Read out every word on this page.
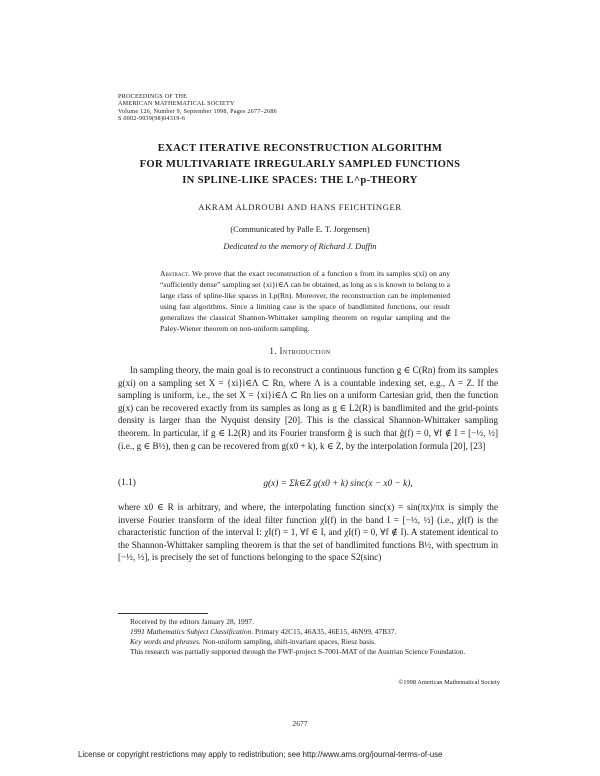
PROCEEDINGS OF THE
AMERICAN MATHEMATICAL SOCIETY
Volume 126, Number 9, September 1998, Pages 2677–2686
S 0002-9939(98)04319-6
EXACT ITERATIVE RECONSTRUCTION ALGORITHM
FOR MULTIVARIATE IRREGULARLY SAMPLED FUNCTIONS
IN SPLINE-LIKE SPACES: THE L^p-THEORY
AKRAM ALDROUBI AND HANS FEICHTINGER
(Communicated by Palle E. T. Jorgensen)
Dedicated to the memory of Richard J. Duffin
Abstract. We prove that the exact reconstruction of a function s from its samples s(xi) on any “sufficiently dense” sampling set {xi}i∈Λ can be obtained, as long as s is known to belong to a large class of spline-like spaces in Lp(Rn). Moreover, the reconstruction can be implemented using fast algorithms. Since a limiting case is the space of bandlimited functions, our result generalizes the classical Shannon-Whittaker sampling theorem on regular sampling and the Paley-Wiener theorem on non-uniform sampling.
1. Introduction

In sampling theory, the main goal is to reconstruct a continuous function g ∈ C(Rn) from its samples g(xi) on a sampling set X = {xi}i∈Λ ⊂ Rn, where Λ is a countable indexing set, e.g., Λ = Z. If the sampling is uniform, i.e., the set X = {xi}i∈Λ ⊂ Rn lies on a uniform Cartesian grid, then the function g(x) can be recovered exactly from its samples as long as g ∈ L2(R) is bandlimited and the grid-points density is larger than the Nyquist density [20]. This is the classical Shannon-Whittaker sampling theorem. In particular, if g ∈ L2(R) and its Fourier transform ĝ is such that ĝ(f) = 0, ∀f ∉ I = [−½, ½] (i.e., g ∈ B½), then g can be recovered from g(x0 + k), k ∈ Z, by the interpolation formula [20], [23]

(1.1)	g(x) = Σk∈Z g(x0 + k) sinc(x − x0 − k),
where x0 ∈ R is arbitrary, and where, the interpolating function sinc(x) = sin(πx)/πx is simply the inverse Fourier transform of the ideal filter function χI(f) in the band I = [−½, ½] (i.e., χI(f) is the characteristic function of the interval I: χI(f) = 1, ∀f ∈ I, and χI(f) = 0, ∀f ∉ I). A statement identical to the Shannon-Whittaker sampling theorem is that the set of bandlimited functions B½, with spectrum in [−½, ½], is precisely the set of functions belonging to the space S2(sinc)

Received by the editors January 28, 1997.

1991 Mathematics Subject Classification. Primary 42C15, 46A35, 46E15, 46N99, 47B37.

Key words and phrases. Non-uniform sampling, shift-invariant spaces, Riesz basis.

This research was partially supported through the FWF-project S-7001-MAT of the Austrian Science Foundation.

©1998 American Mathematical Society
2677
License or copyright restrictions may apply to redistribution; see http://www.ams.org/journal-terms-of-use
